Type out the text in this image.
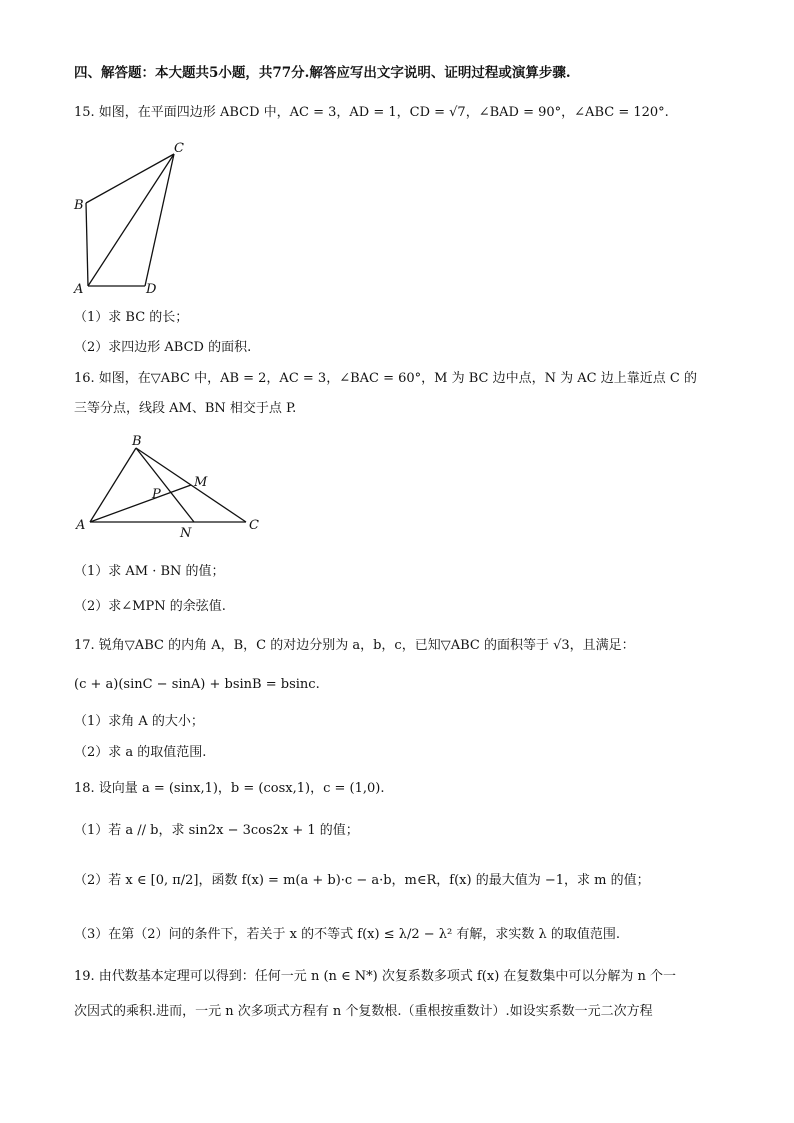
四、解答题：本大题共5小题，共77分.解答应写出文字说明、证明过程或演算步骤.
15. 如图，在平面四边形 ABCD 中，AC = 3，AD = 1，CD = √7，∠BAD = 90°，∠ABC = 120°.
A
B
C
D
（1）求 BC 的长；
（2）求四边形 ABCD 的面积.
16. 如图，在▽ABC 中，AB = 2，AC = 3，∠BAC = 60°，M 为 BC 边中点，N 为 AC 边上靠近点 C 的
三等分点，线段 AM、BN 相交于点 P.
A
B
C
M
N
P
（1）求 AM · BN 的值；
（2）求∠MPN 的余弦值.
17. 锐角▽ABC 的内角 A，B，C 的对边分别为 a，b，c，已知▽ABC 的面积等于 √3，且满足：
(c + a)(sinC − sinA) + bsinB = bsinc.
（1）求角 A 的大小；
（2）求 a 的取值范围.
18. 设向量 a = (sinx,1)，b = (cosx,1)，c = (1,0).
（1）若 a // b，求 sin2x − 3cos2x + 1 的值；
（2）若 x ∈ [0, π/2]，函数 f(x) = m(a + b)·c − a·b，m∈R，f(x) 的最大值为 −1，求 m 的值；
（3）在第（2）问的条件下，若关于 x 的不等式 f(x) ≤ λ/2 − λ² 有解，求实数 λ 的取值范围.
19. 由代数基本定理可以得到：任何一元 n (n ∈ N*) 次复系数多项式 f(x) 在复数集中可以分解为 n 个一
次因式的乘积.进而，一元 n 次多项式方程有 n 个复数根.（重根按重数计）.如设实系数一元二次方程
